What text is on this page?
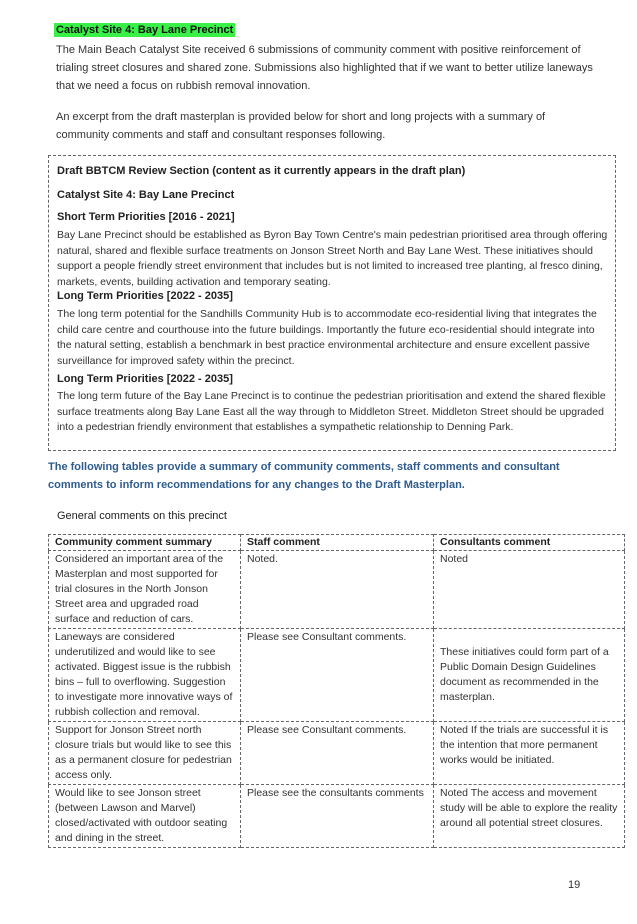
Catalyst Site 4: Bay Lane Precinct
The Main Beach Catalyst Site received 6 submissions of community comment with positive reinforcement of trialing street closures and shared zone. Submissions also highlighted that if we want to better utilize laneways that we need a focus on rubbish removal innovation.
An excerpt from the draft masterplan is provided below for short and long projects with a summary of community comments and staff and consultant responses following.
Draft BBTCM Review Section (content as it currently appears in the draft plan)
Catalyst Site 4: Bay Lane Precinct
Short Term Priorities [2016 - 2021]
Bay Lane Precinct should be established as Byron Bay Town Centre's main pedestrian prioritised area through offering natural, shared and flexible surface treatments on Jonson Street North and Bay Lane West. These initiatives should support a people friendly street environment that includes but is not limited to increased tree planting, al fresco dining, markets, events, building activation and temporary seating.
Long Term Priorities [2022 - 2035]
The long term potential for the Sandhills Community Hub is to accommodate eco-residential living that integrates the child care centre and courthouse into the future buildings. Importantly the future eco-residential should integrate into the natural setting, establish a benchmark in best practice environmental architecture and ensure excellent passive surveillance for improved safety within the precinct.
Long Term Priorities [2022 - 2035]
The long term future of the Bay Lane Precinct is to continue the pedestrian prioritisation and extend the shared flexible surface treatments along Bay Lane East all the way through to Middleton Street. Middleton Street should be upgraded into a pedestrian friendly environment that establishes a sympathetic relationship to Denning Park.
The following tables provide a summary of community comments, staff comments and consultant comments to inform recommendations for any changes to the Draft Masterplan.
General comments on this precinct
Community comment summary	Staff comment	Consultants comment
Considered an important area of the Masterplan and most supported for trial closures in the North Jonson Street area and upgraded road surface and reduction of cars.	Noted.	Noted
Laneways are considered underutilized and would like to see activated. Biggest issue is the rubbish bins – full to overflowing. Suggestion to investigate more innovative ways of rubbish collection and removal.	Please see Consultant comments.	These initiatives could form part of a Public Domain Design Guidelines document as recommended in the masterplan.
Support for Jonson Street north closure trials but would like to see this as a permanent closure for pedestrian access only.	Please see Consultant comments.	Noted If the trials are successful it is the intention that more permanent works would be initiated.
Would like to see Jonson street (between Lawson and Marvel) closed/activated with outdoor seating and dining in the street.	Please see the consultants comments	Noted The access and movement study will be able to explore the reality around all potential street closures.
19
